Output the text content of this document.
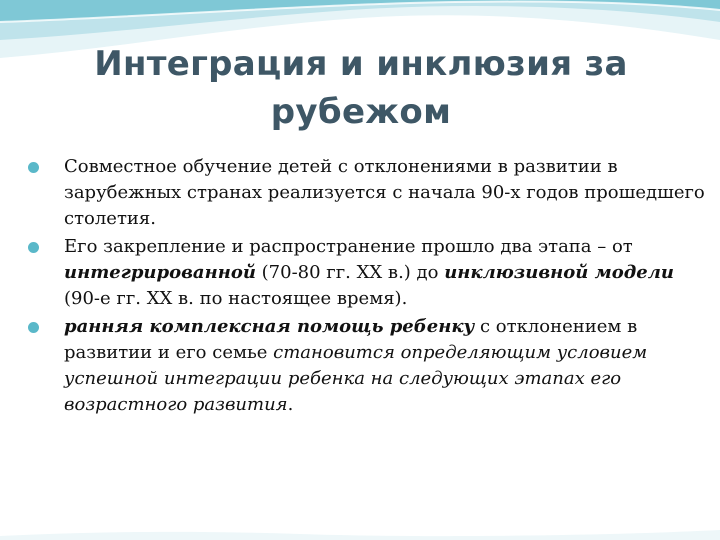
Интеграция и инклюзия за
рубежом
Совместное обучение детей с отклонениями в развитии в зарубежных странах реализуется с начала 90-х годов прошедшего столетия.
Его закрепление и распространение прошло два этапа – от интегрированной (70-80 гг. XX в.) до инклюзивной модели (90-е гг. XX в. по настоящее время).
ранняя комплексная помощь ребенку с отклонением в развитии и его семье становится определяющим условием успешной интеграции ребенка на следующих этапах его возрастного развития.
